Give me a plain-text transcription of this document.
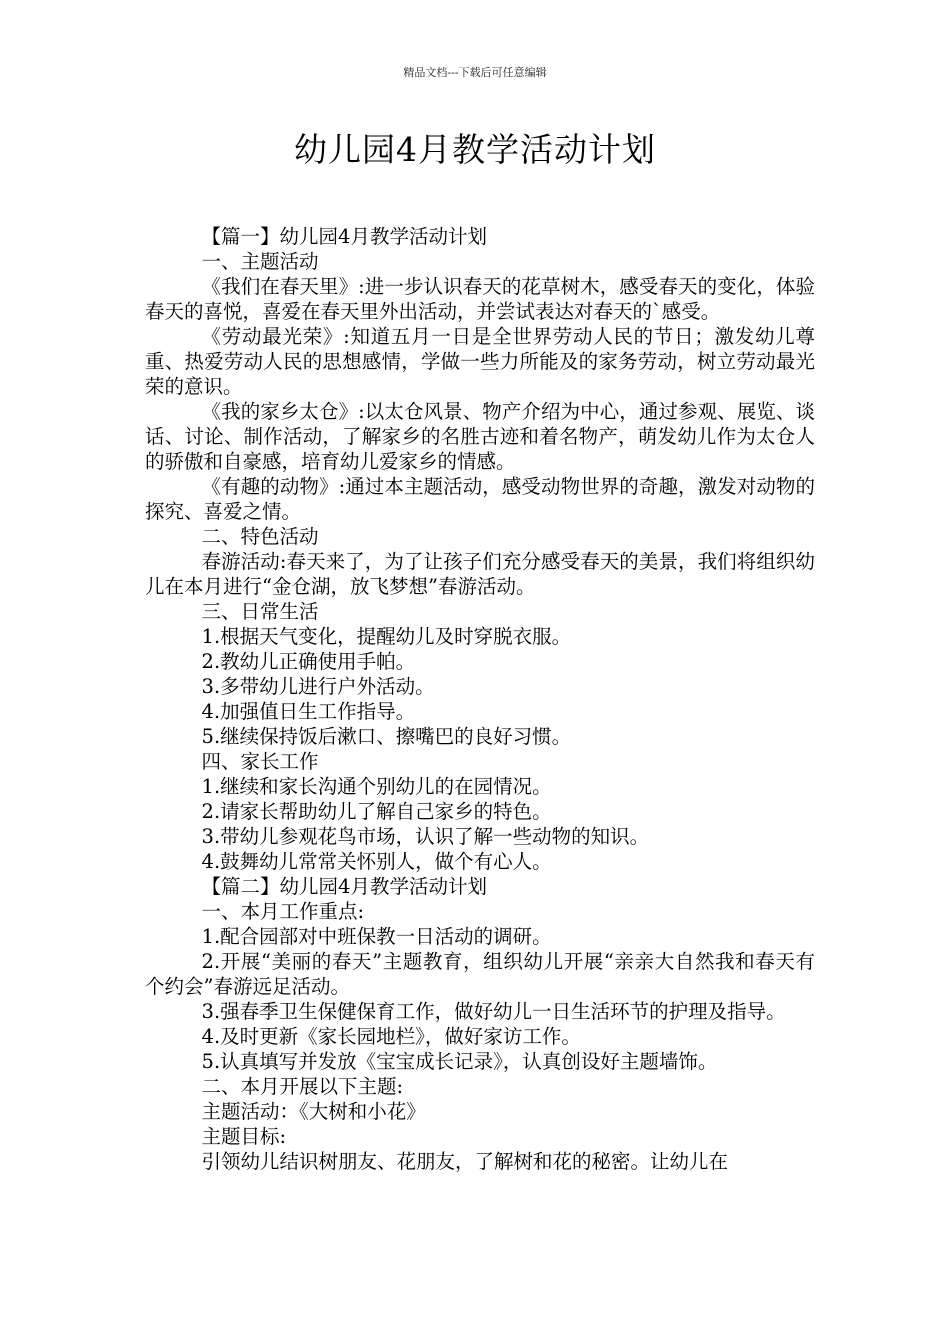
精品文档---下载后可任意编辑
幼儿园4月教学活动计划

【篇一】幼儿园4月教学活动计划

一、主题活动

《我们在春天里》:进一步认识春天的花草树木，感受春天的变化，体验春天的喜悦，喜爱在春天里外出活动，并尝试表达对春天的`感受。

《劳动最光荣》:知道五月一日是全世界劳动人民的节日；激发幼儿尊重、热爱劳动人民的思想感情，学做一些力所能及的家务劳动，树立劳动最光荣的意识。

《我的家乡太仓》:以太仓风景、物产介绍为中心，通过参观、展览、谈话、讨论、制作活动，了解家乡的名胜古迹和着名物产，萌发幼儿作为太仓人的骄傲和自豪感，培育幼儿爱家乡的情感。

《有趣的动物》:通过本主题活动，感受动物世界的奇趣，激发对动物的探究、喜爱之情。

二、特色活动

春游活动:春天来了，为了让孩子们充分感受春天的美景，我们将组织幼儿在本月进行“金仓湖，放飞梦想”春游活动。

三、日常生活

1.根据天气变化，提醒幼儿及时穿脱衣服。

2.教幼儿正确使用手帕。

3.多带幼儿进行户外活动。

4.加强值日生工作指导。

5.继续保持饭后漱口、擦嘴巴的良好习惯。

四、家长工作

1.继续和家长沟通个别幼儿的在园情况。

2.请家长帮助幼儿了解自己家乡的特色。

3.带幼儿参观花鸟市场，认识了解一些动物的知识。

4.鼓舞幼儿常常关怀别人，做个有心人。

【篇二】幼儿园4月教学活动计划

一、本月工作重点:

1.配合园部对中班保教一日活动的调研。

2.开展“美丽的春天”主题教育，组织幼儿开展“亲亲大自然我和春天有个约会”春游远足活动。

3.强春季卫生保健保育工作，做好幼儿一日生活环节的护理及指导。

4.及时更新《家长园地栏》，做好家访工作。

5.认真填写并发放《宝宝成长记录》，认真创设好主题墙饰。

二、本月开展以下主题:

主题活动：《大树和小花》

主题目标:

引领幼儿结识树朋友、花朋友，了解树和花的秘密。让幼儿在
